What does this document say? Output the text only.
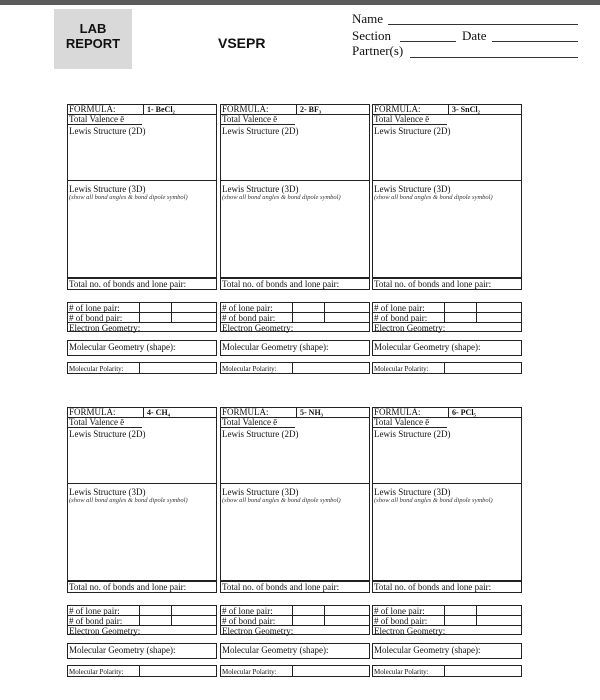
LAB
REPORT	VSEPR
Name
Section	Date
Partner(s)
FORMULA:	1- BeCl₂
Total Valence ē
Lewis Structure (2D)
Lewis Structure (3D)
(show all bond angles & bond dipole symbol)
Total no. of bonds and lone pair:
# of lone pair:
# of bond pair:
Electron Geometry:
Molecular Geometry (shape):
Molecular Polarity:
FORMULA:	2- BF₃
Total Valence ē
Lewis Structure (2D)
Lewis Structure (3D)
(show all bond angles & bond dipole symbol)
Total no. of bonds and lone pair:
# of lone pair:
# of bond pair:
Electron Geometry:
Molecular Geometry (shape):
Molecular Polarity:
FORMULA:	3- SnCl₂
Total Valence ē
Lewis Structure (2D)
Lewis Structure (3D)
(show all bond angles & bond dipole symbol)
Total no. of bonds and lone pair:
# of lone pair:
# of bond pair:
Electron Geometry:
Molecular Geometry (shape):
Molecular Polarity:
FORMULA:	4- CH₄
Total Valence ē
Lewis Structure (2D)
Lewis Structure (3D)
(show all bond angles & bond dipole symbol)
Total no. of bonds and lone pair:
# of lone pair:
# of bond pair:
Electron Geometry:
Molecular Geometry (shape):
Molecular Polarity:
FORMULA:	5- NH₃
Total Valence ē
Lewis Structure (2D)
Lewis Structure (3D)
(show all bond angles & bond dipole symbol)
Total no. of bonds and lone pair:
# of lone pair:
# of bond pair:
Electron Geometry:
Molecular Geometry (shape):
Molecular Polarity:
FORMULA:	6- PCl₅
Total Valence ē
Lewis Structure (2D)
Lewis Structure (3D)
(show all bond angles & bond dipole symbol)
Total no. of bonds and lone pair:
# of lone pair:
# of bond pair:
Electron Geometry:
Molecular Geometry (shape):
Molecular Polarity:
